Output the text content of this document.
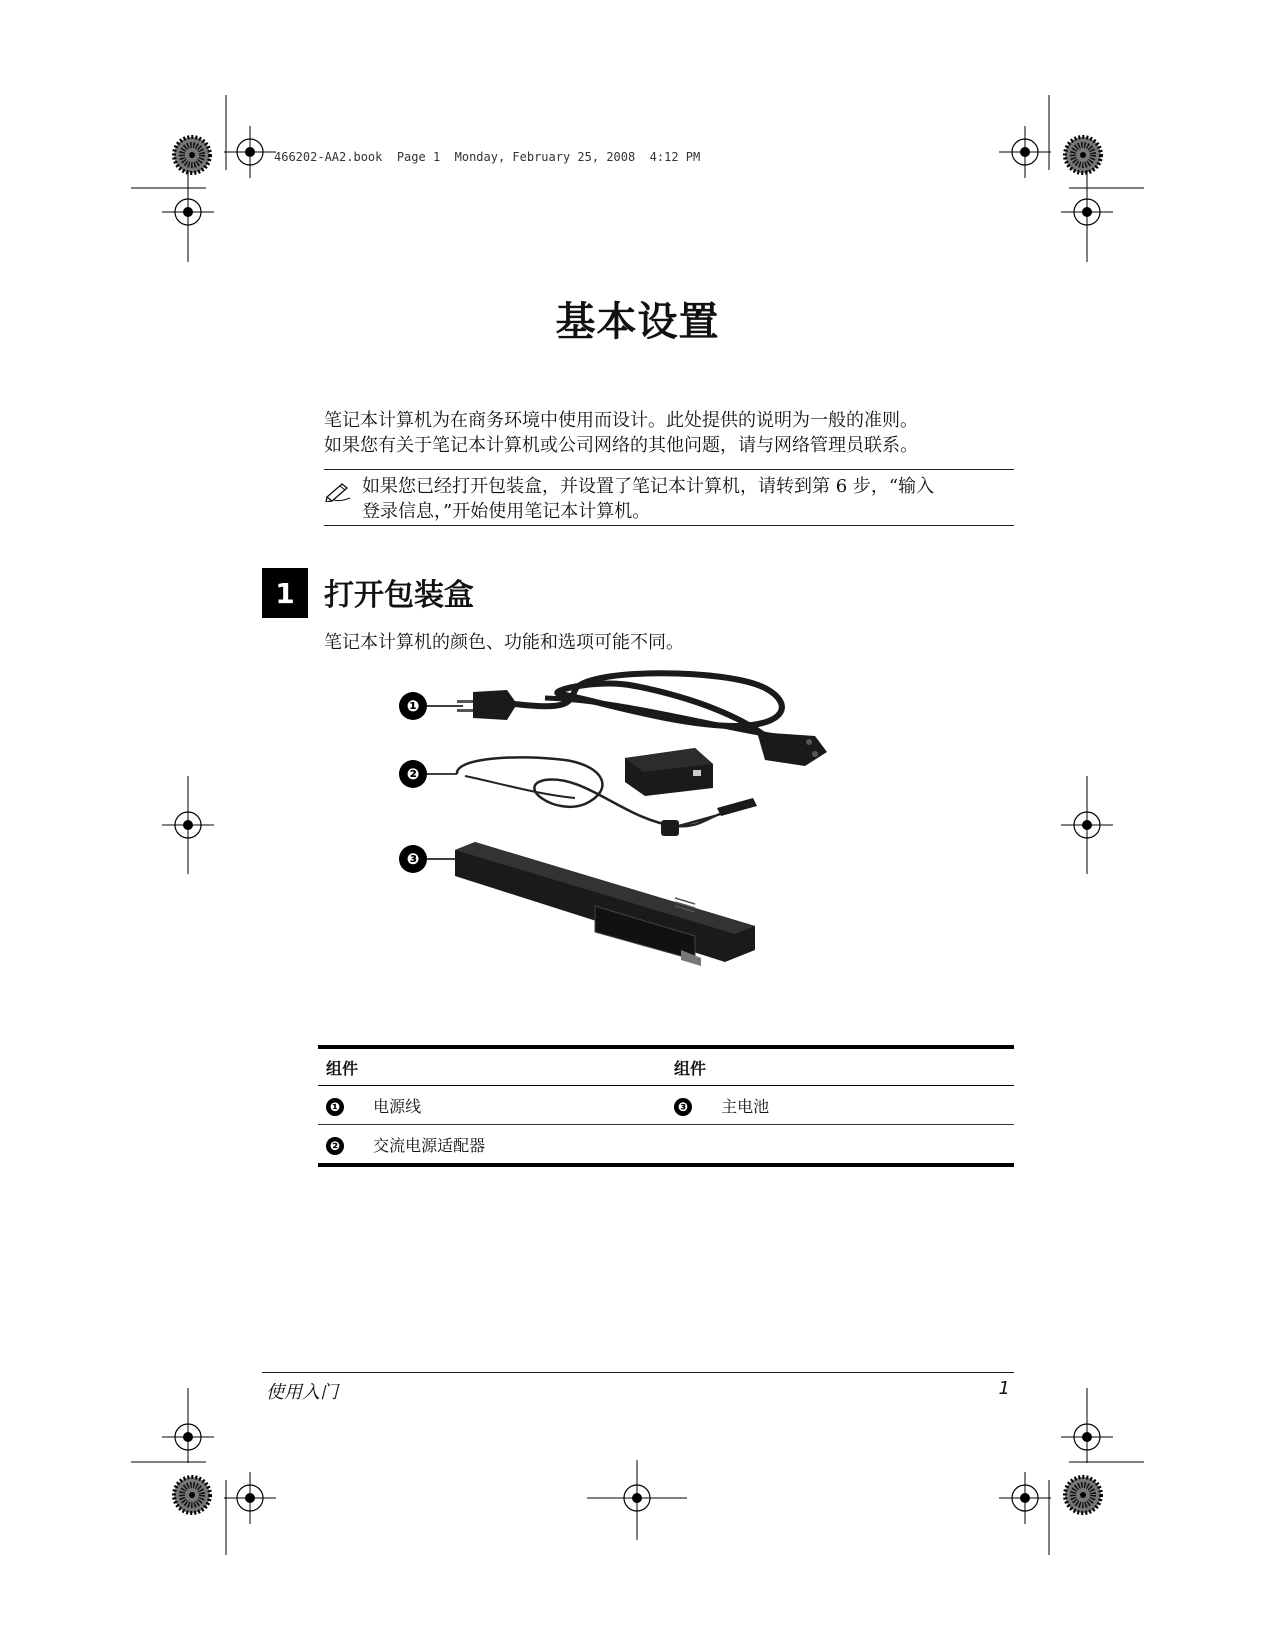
466202-AA2.book  Page 1  Monday, February 25, 2008  4:12 PM
基本设置
笔记本计算机为在商务环境中使用而设计。此处提供的说明为一般的准则。
如果您有关于笔记本计算机或公司网络的其他问题，请与网络管理员联系。
如果您已经打开包装盒，并设置了笔记本计算机，请转到第 6 步，“输入
登录信息，”开始使用笔记本计算机。
1 打开包装盒
笔记本计算机的颜色、功能和选项可能不同。
❶
❷
❸
组件	组件
❶ 电源线	❸ 主电池
❷ 交流电源适配器	
使用入门	1
